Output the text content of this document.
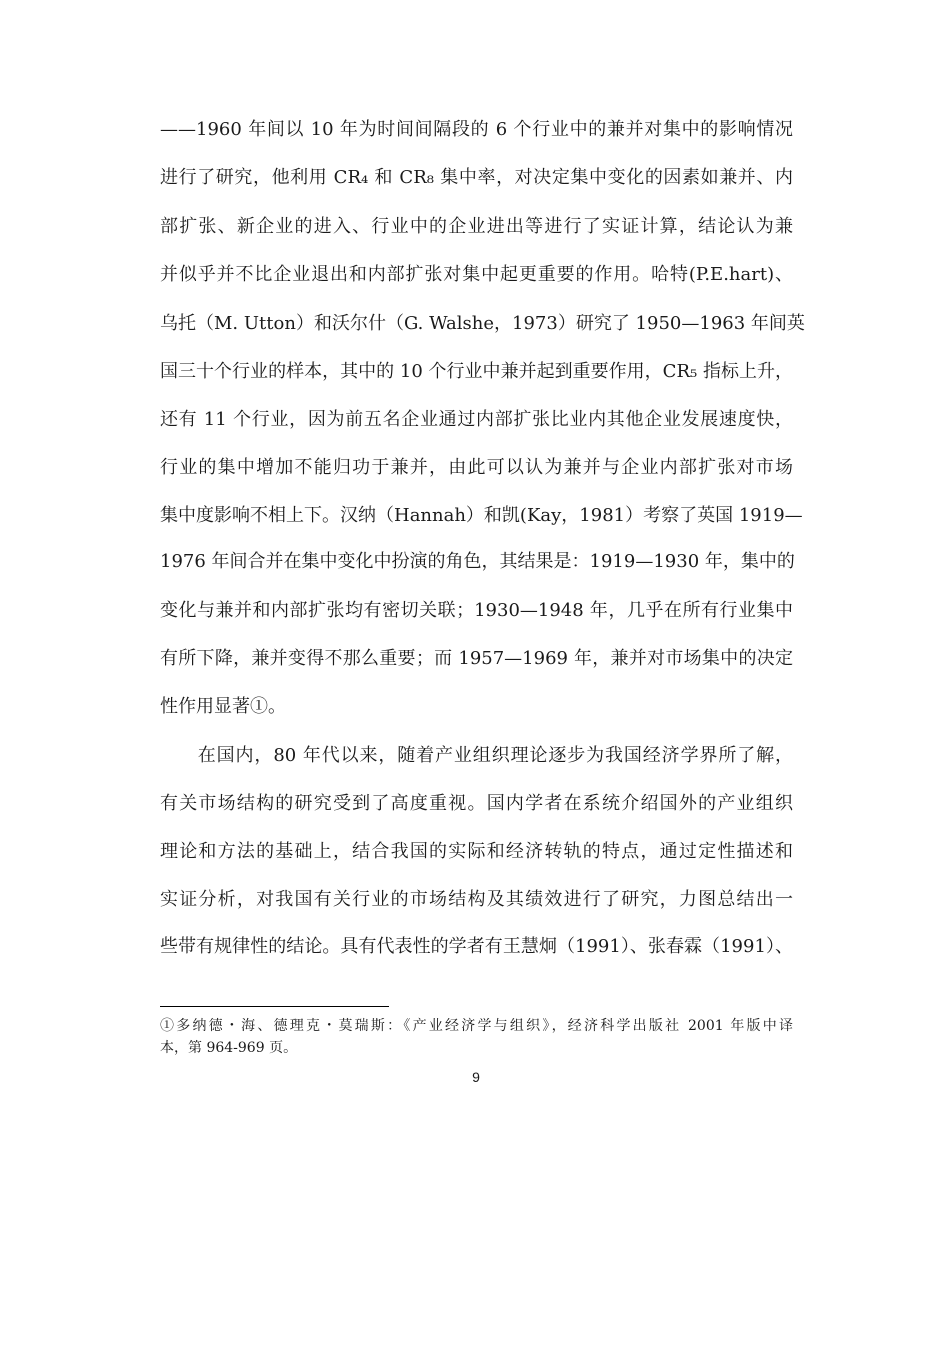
——1960 年间以 10 年为时间间隔段的 6 个行业中的兼并对集中的影响情况
进行了研究，他利用 CR₄ 和 CR₈ 集中率，对决定集中变化的因素如兼并、内
部扩张、新企业的进入、行业中的企业进出等进行了实证计算，结论认为兼
并似乎并不比企业退出和内部扩张对集中起更重要的作用。哈特(P.E.hart)、
乌托（M. Utton）和沃尔什（G. Walshe，1973）研究了 1950—1963 年间英
国三十个行业的样本，其中的 10 个行业中兼并起到重要作用，CR₅ 指标上升，
还有 11 个行业，因为前五名企业通过内部扩张比业内其他企业发展速度快，
行业的集中增加不能归功于兼并，由此可以认为兼并与企业内部扩张对市场
集中度影响不相上下。汉纳（Hannah）和凯(Kay，1981）考察了英国 1919—
1976 年间合并在集中变化中扮演的角色，其结果是：1919—1930 年，集中的
变化与兼并和内部扩张均有密切关联；1930—1948 年，几乎在所有行业集中
有所下降，兼并变得不那么重要；而 1957—1969 年，兼并对市场集中的决定
性作用显著①。
　　在国内，80 年代以来，随着产业组织理论逐步为我国经济学界所了解，
有关市场结构的研究受到了高度重视。国内学者在系统介绍国外的产业组织
理论和方法的基础上，结合我国的实际和经济转轨的特点，通过定性描述和
实证分析，对我国有关行业的市场结构及其绩效进行了研究，力图总结出一
些带有规律性的结论。具有代表性的学者有王慧炯（1991）、张春霖（1991）、
①多纳德・海、德理克・莫瑞斯：《产业经济学与组织》，经济科学出版社 2001 年版中译
本，第 964-969 页。
9
